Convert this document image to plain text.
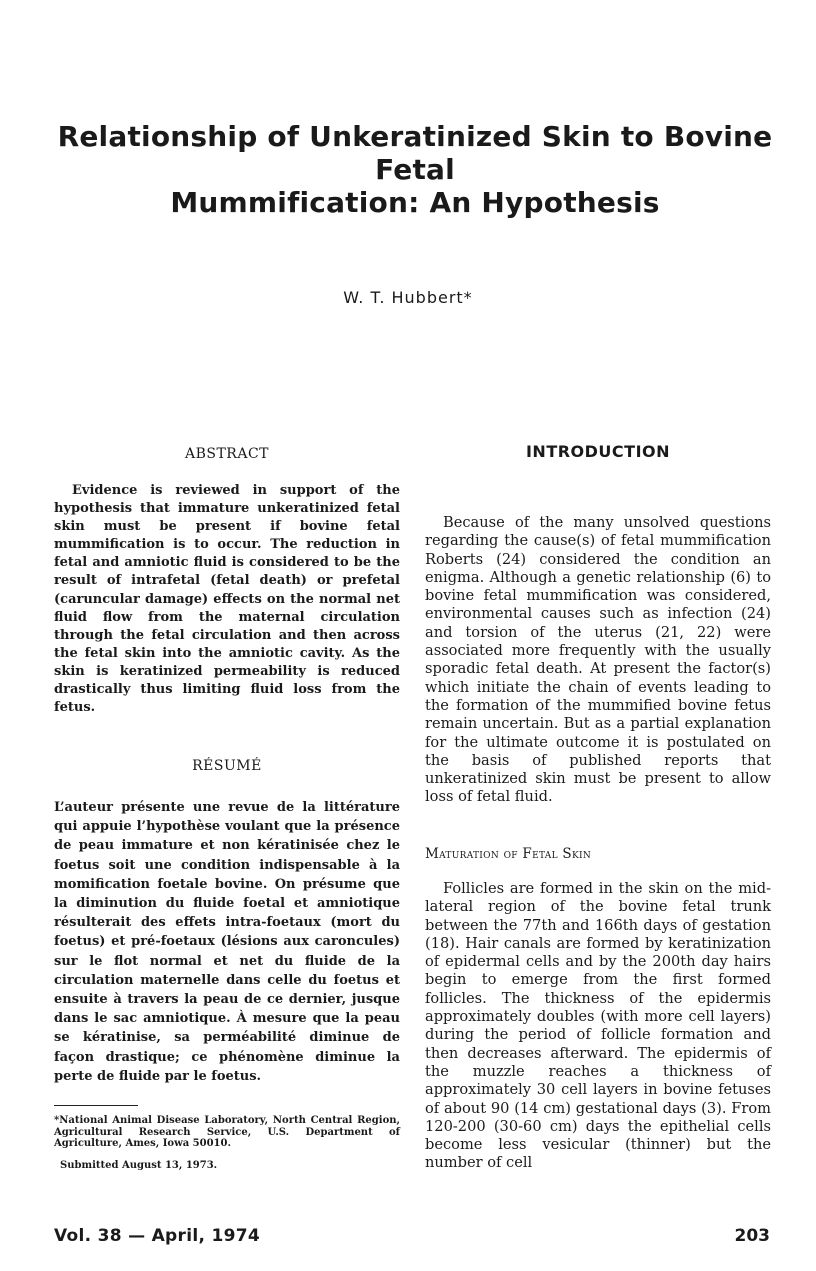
Relationship of Unkeratinized Skin to Bovine Fetal
Mummification: An Hypothesis
W. T. Hubbert*
ABSTRACT

Evidence is reviewed in support of the hypothesis that immature unkeratinized fetal skin must be present if bovine fetal mummification is to occur. The reduction in fetal and amniotic fluid is considered to be the result of intrafetal (fetal death) or prefetal (caruncular damage) effects on the normal net fluid flow from the maternal circulation through the fetal circulation and then across the fetal skin into the amniotic cavity. As the skin is keratinized permeability is reduced drastically thus limiting fluid loss from the fetus.

RÉSUMÉ

L’auteur présente une revue de la littérature qui appuie l’hypothèse voulant que la présence de peau immature et non kératinisée chez le foetus soit une condition indispensable à la momification foetale bovine. On présume que la diminution du fluide foetal et amniotique résulterait des effets intra-foetaux (mort du foetus) et pré-foetaux (lésions aux caroncules) sur le flot normal et net du fluide de la circulation maternelle dans celle du foetus et ensuite à travers la peau de ce dernier, jusque dans le sac amniotique. À mesure que la peau se kératinise, sa perméabilité diminue de façon drastique; ce phénomène diminue la perte de fluide par le foetus.

INTRODUCTION

Because of the many unsolved questions regarding the cause(s) of fetal mummification Roberts (24) considered the condition an enigma. Although a genetic relationship (6) to bovine fetal mummification was considered, environmental causes such as infection (24) and torsion of the uterus (21, 22) were associated more frequently with the usually sporadic fetal death. At present the factor(s) which initiate the chain of events leading to the formation of the mummified bovine fetus remain uncertain. But as a partial explanation for the ultimate outcome it is postulated on the basis of published reports that unkeratinized skin must be present to allow loss of fetal fluid.

Maturation of Fetal Skin

Follicles are formed in the skin on the mid-lateral region of the bovine fetal trunk between the 77th and 166th days of gestation (18). Hair canals are formed by keratinization of epidermal cells and by the 200th day hairs begin to emerge from the first formed follicles. The thickness of the epidermis approximately doubles (with more cell layers) during the period of follicle formation and then decreases afterward. The epidermis of the muzzle reaches a thickness of approximately 30 cell layers in bovine fetuses of about 90 (14 cm) gestational days (3). From 120-200 (30-60 cm) days the epithelial cells become less vesicular (thinner) but the number of cell

*National Animal Disease Laboratory, North Central Region, Agricultural Research Service, U.S. Department of Agriculture, Ames, Iowa 50010.

Submitted August 13, 1973.
Vol. 38 — April, 1974	203
